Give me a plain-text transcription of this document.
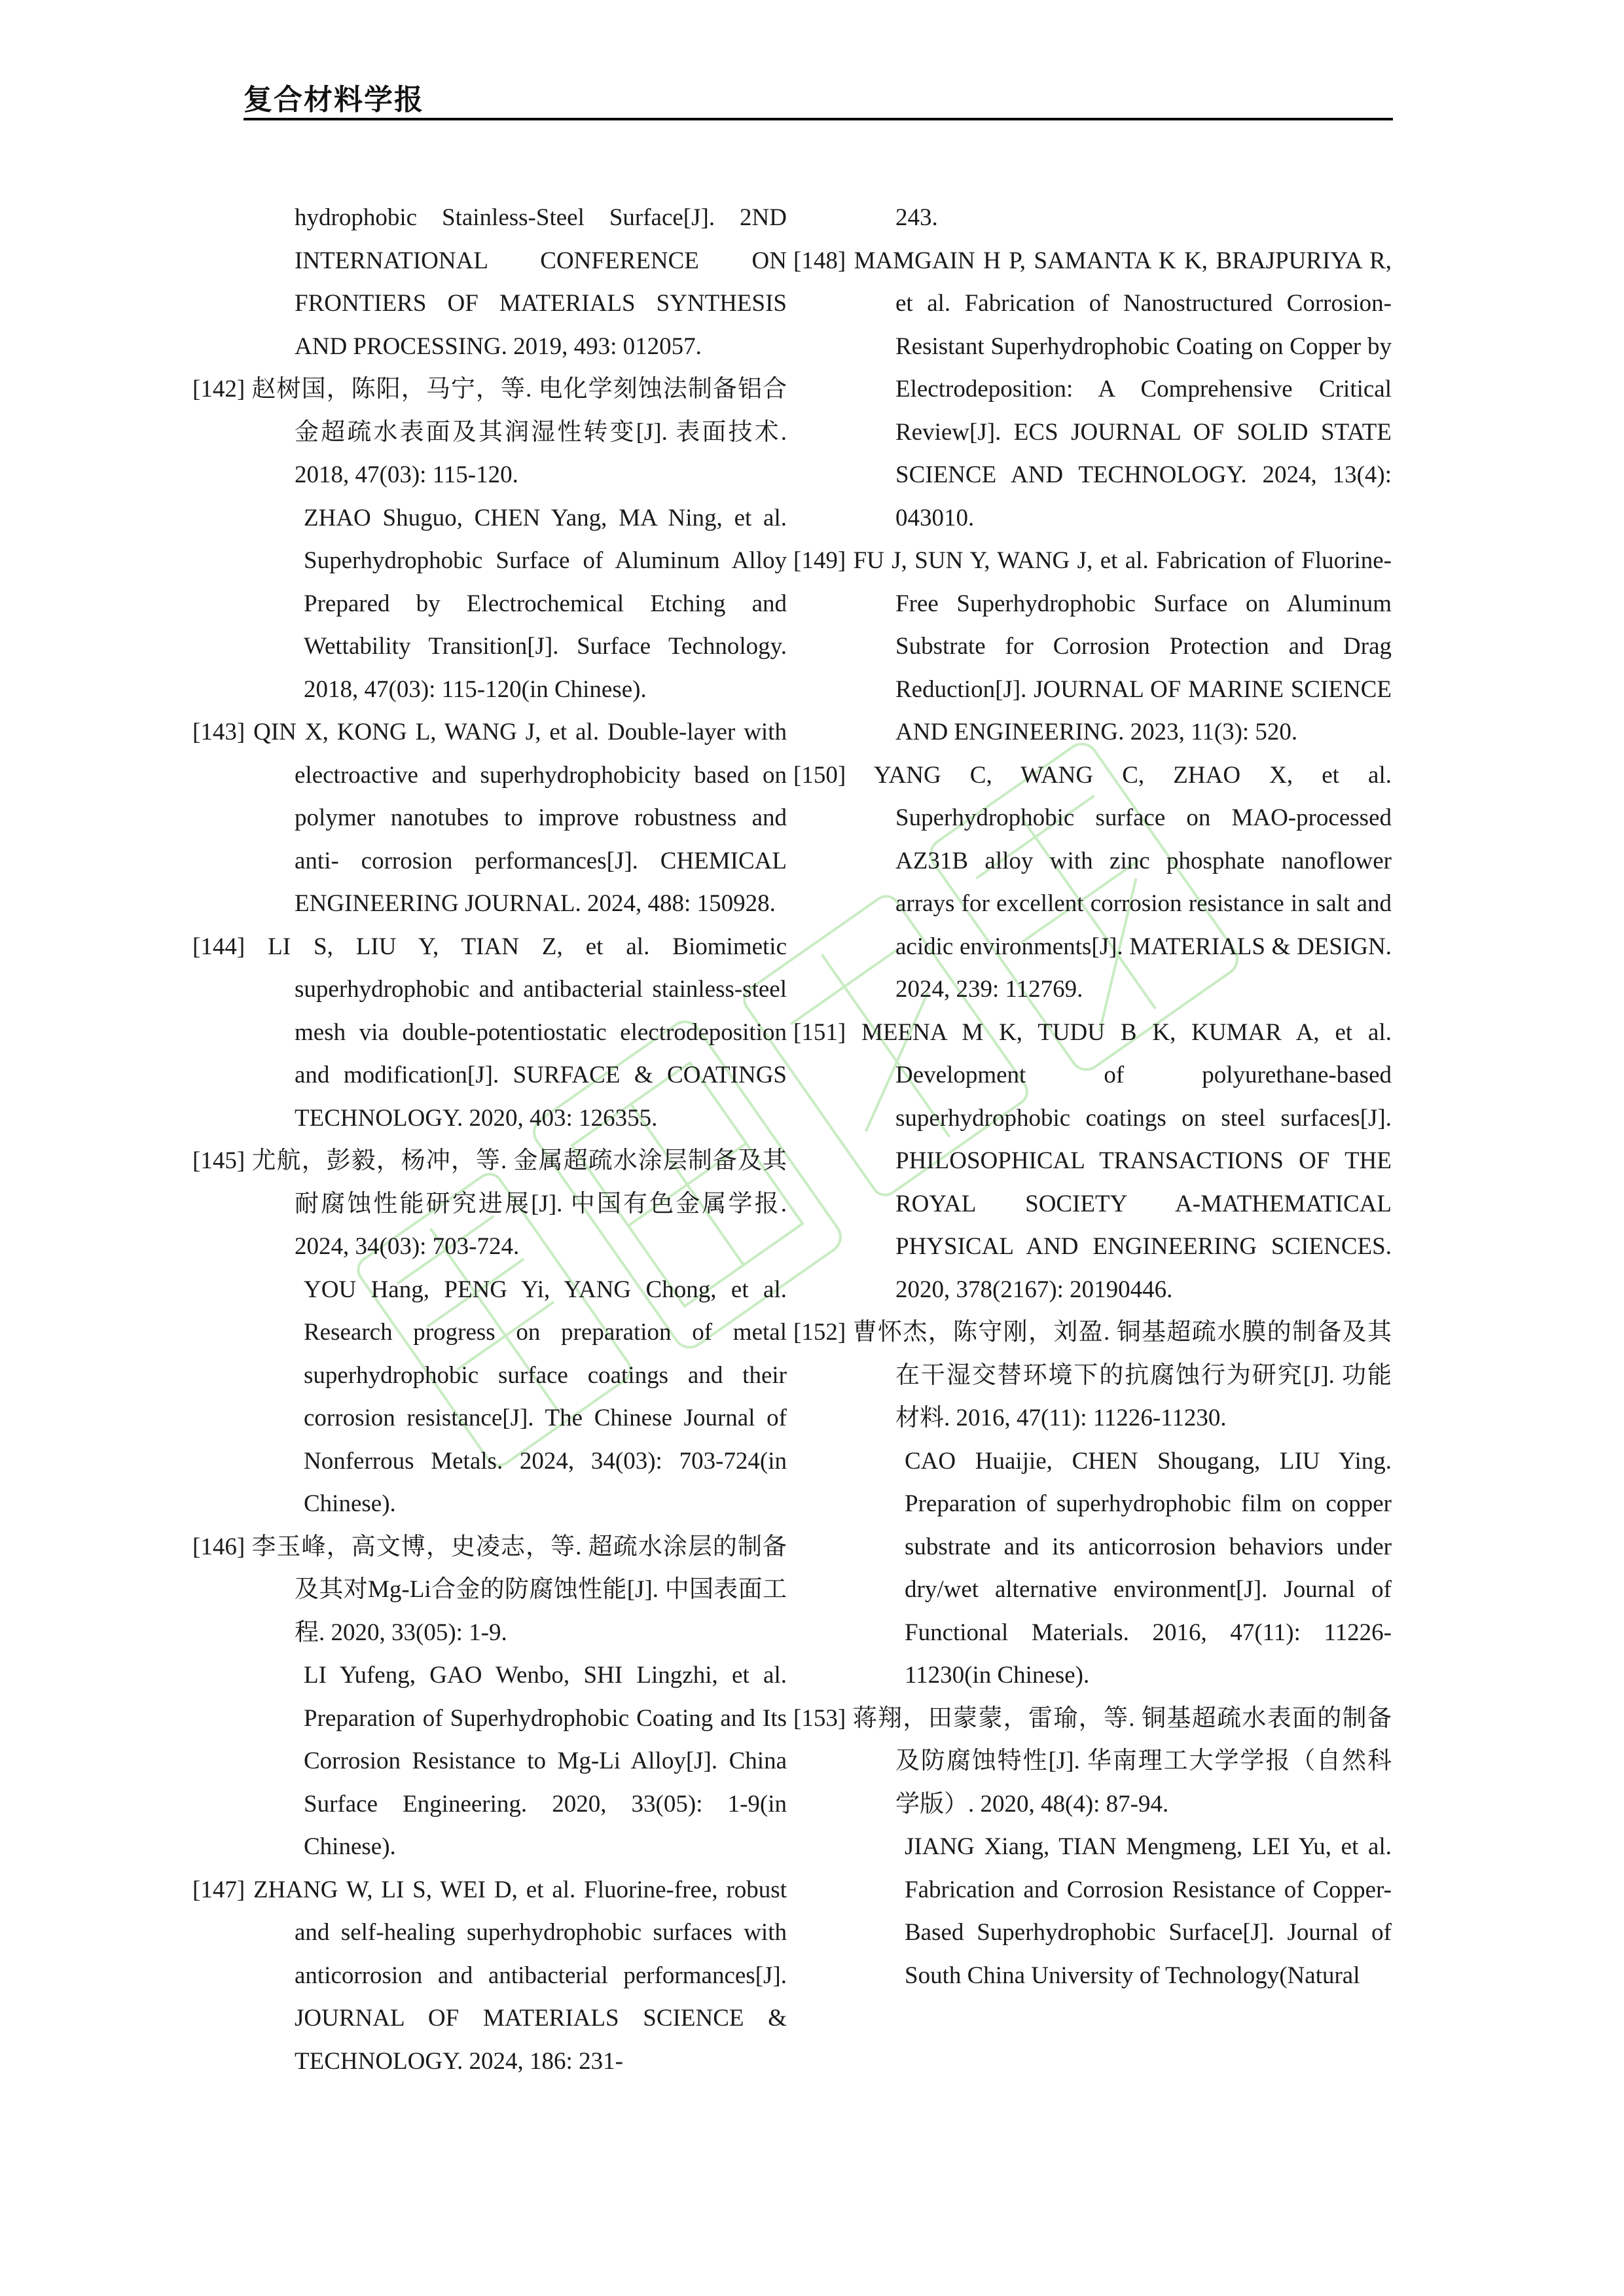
复合材料学报
hydrophobic Stainless-Steel Surface[J]. 2ND INTERNATIONAL CONFERENCE ON FRONTIERS OF MATERIALS SYNTHESIS AND PROCESSING. 2019, 493: 012057.
[142] 赵树国，陈阳，马宁，等. 电化学刻蚀法制备铝合金超疏水表面及其润湿性转变[J]. 表面技术. 2018, 47(03): 115-120.
ZHAO Shuguo, CHEN Yang, MA Ning, et al. Superhydrophobic Surface of Aluminum Alloy Prepared by Electrochemical Etching and Wettability Transition[J]. Surface Technology. 2018, 47(03): 115-120(in Chinese).
[143] QIN X, KONG L, WANG J, et al. Double-layer with electroactive and superhydrophobicity based on polymer nanotubes to improve robustness and anti- corrosion performances[J]. CHEMICAL ENGINEERING JOURNAL. 2024, 488: 150928.
[144] LI S, LIU Y, TIAN Z, et al. Biomimetic superhydrophobic and antibacterial stainless-steel mesh via double-potentiostatic electrodeposition and modification[J]. SURFACE & COATINGS TECHNOLOGY. 2020, 403: 126355.
[145] 尤航，彭毅，杨冲，等. 金属超疏水涂层制备及其耐腐蚀性能研究进展[J]. 中国有色金属学报. 2024, 34(03): 703-724.
YOU Hang, PENG Yi, YANG Chong, et al. Research progress on preparation of metal superhydrophobic surface coatings and their corrosion resistance[J]. The Chinese Journal of Nonferrous Metals. 2024, 34(03): 703-724(in Chinese).
[146] 李玉峰，高文博，史凌志，等. 超疏水涂层的制备及其对Mg-Li合金的防腐蚀性能[J]. 中国表面工程. 2020, 33(05): 1-9.
LI Yufeng, GAO Wenbo, SHI Lingzhi, et al. Preparation of Superhydrophobic Coating and Its Corrosion Resistance to Mg-Li Alloy[J]. China Surface Engineering. 2020, 33(05): 1-9(in Chinese).
[147] ZHANG W, LI S, WEI D, et al. Fluorine-free, robust and self-healing superhydrophobic surfaces with anticorrosion and antibacterial performances[J]. JOURNAL OF MATERIALS SCIENCE & TECHNOLOGY. 2024, 186: 231-
243.
[148] MAMGAIN H P, SAMANTA K K, BRAJPURIYA R, et al. Fabrication of Nanostructured Corrosion-Resistant Superhydrophobic Coating on Copper by Electrodeposition: A Comprehensive Critical Review[J]. ECS JOURNAL OF SOLID STATE SCIENCE AND TECHNOLOGY. 2024, 13(4): 043010.
[149] FU J, SUN Y, WANG J, et al. Fabrication of Fluorine-Free Superhydrophobic Surface on Aluminum Substrate for Corrosion Protection and Drag Reduction[J]. JOURNAL OF MARINE SCIENCE AND ENGINEERING. 2023, 11(3): 520.
[150] YANG C, WANG C, ZHAO X, et al. Superhydrophobic surface on MAO-processed AZ31B alloy with zinc phosphate nanoflower arrays for excellent corrosion resistance in salt and acidic environments[J]. MATERIALS & DESIGN. 2024, 239: 112769.
[151] MEENA M K, TUDU B K, KUMAR A, et al. Development of polyurethane-based superhydrophobic coatings on steel surfaces[J]. PHILOSOPHICAL TRANSACTIONS OF THE ROYAL SOCIETY A-MATHEMATICAL PHYSICAL AND ENGINEERING SCIENCES. 2020, 378(2167): 20190446.
[152] 曹怀杰，陈守刚，刘盈. 铜基超疏水膜的制备及其在干湿交替环境下的抗腐蚀行为研究[J]. 功能材料. 2016, 47(11): 11226-11230.
CAO Huaijie, CHEN Shougang, LIU Ying. Preparation of superhydrophobic film on copper substrate and its anticorrosion behaviors under dry/wet alternative environment[J]. Journal of Functional Materials. 2016, 47(11): 11226-11230(in Chinese).
[153] 蒋翔，田蒙蒙，雷瑜，等. 铜基超疏水表面的制备及防腐蚀特性[J]. 华南理工大学学报（自然科学版）. 2020, 48(4): 87-94.
JIANG Xiang, TIAN Mengmeng, LEI Yu, et al. Fabrication and Corrosion Resistance of Copper-Based Superhydrophobic Surface[J]. Journal of South China University of Technology(Natural
